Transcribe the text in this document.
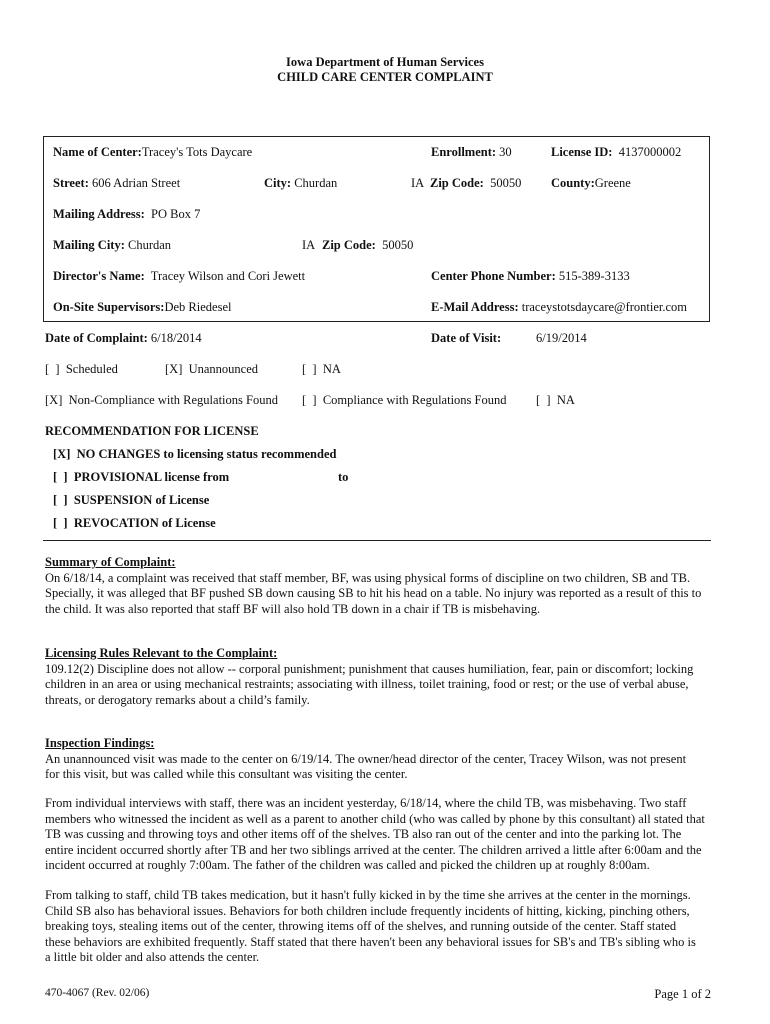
Iowa Department of Human Services
CHILD CARE CENTER COMPLAINT
Name of Center:Tracey's Tots Daycare	Enrollment: 30	License ID: 4137000002
Street: 606 Adrian Street	City: Churdan	IA Zip Code: 50050 County:Greene
Mailing Address: PO Box 7
Mailing City: Churdan	IA Zip Code: 50050
Director's Name: Tracey Wilson and Cori Jewett	Center Phone Number: 515-389-3133
On-Site Supervisors:Deb Riedesel	E-Mail Address: traceystotsdaycare@frontier.com
Date of Complaint: 6/18/2014	Date of Visit:	6/19/2014
[  ]  Scheduled	[X]  Unannounced	[  ]  NA
[X]  Non-Compliance with Regulations Found [  ]  Compliance with Regulations Found [  ]  NA
RECOMMENDATION FOR LICENSE
[X]  NO CHANGES to licensing status recommended
[  ]  PROVISIONAL license from	to
[  ]  SUSPENSION of License
[  ]  REVOCATION of License

Summary of Complaint:

On 6/18/14, a complaint was received that staff member, BF, was using physical forms of discipline on two children, SB and TB.

Specially, it was alleged that BF pushed SB down causing SB to hit his head on a table. No injury was reported as a result of this to

the child. It was also reported that staff BF will also hold TB down in a chair if TB is misbehaving.

Licensing Rules Relevant to the Complaint:

109.12(2) Discipline does not allow -- corporal punishment; punishment that causes humiliation, fear, pain or discomfort; locking

children in an area or using mechanical restraints; associating with illness, toilet training, food or rest; or the use of verbal abuse,

threats, or derogatory remarks about a child’s family.

Inspection Findings:

An unannounced visit was made to the center on 6/19/14. The owner/head director of the center, Tracey Wilson, was not present

for this visit, but was called while this consultant was visiting the center.

From individual interviews with staff, there was an incident yesterday, 6/18/14, where the child TB, was misbehaving. Two staff

members who witnessed the incident as well as a parent to another child (who was called by phone by this consultant) all stated that

TB was cussing and throwing toys and other items off of the shelves. TB also ran out of the center and into the parking lot. The

entire incident occurred shortly after TB and her two siblings arrived at the center. The children arrived a little after 6:00am and the

incident occurred at roughly 7:00am. The father of the children was called and picked the children up at roughly 8:00am.

From talking to staff, child TB takes medication, but it hasn't fully kicked in by the time she arrives at the center in the mornings.

Child SB also has behavioral issues. Behaviors for both children include frequently incidents of hitting, kicking, pinching others,

breaking toys, stealing items out of the center, throwing items off of the shelves, and running outside of the center. Staff stated

these behaviors are exhibited frequently. Staff stated that there haven't been any behavioral issues for SB's and TB's sibling who is

a little bit older and also attends the center.

470-4067 (Rev. 02/06)	Page 1 of 2
